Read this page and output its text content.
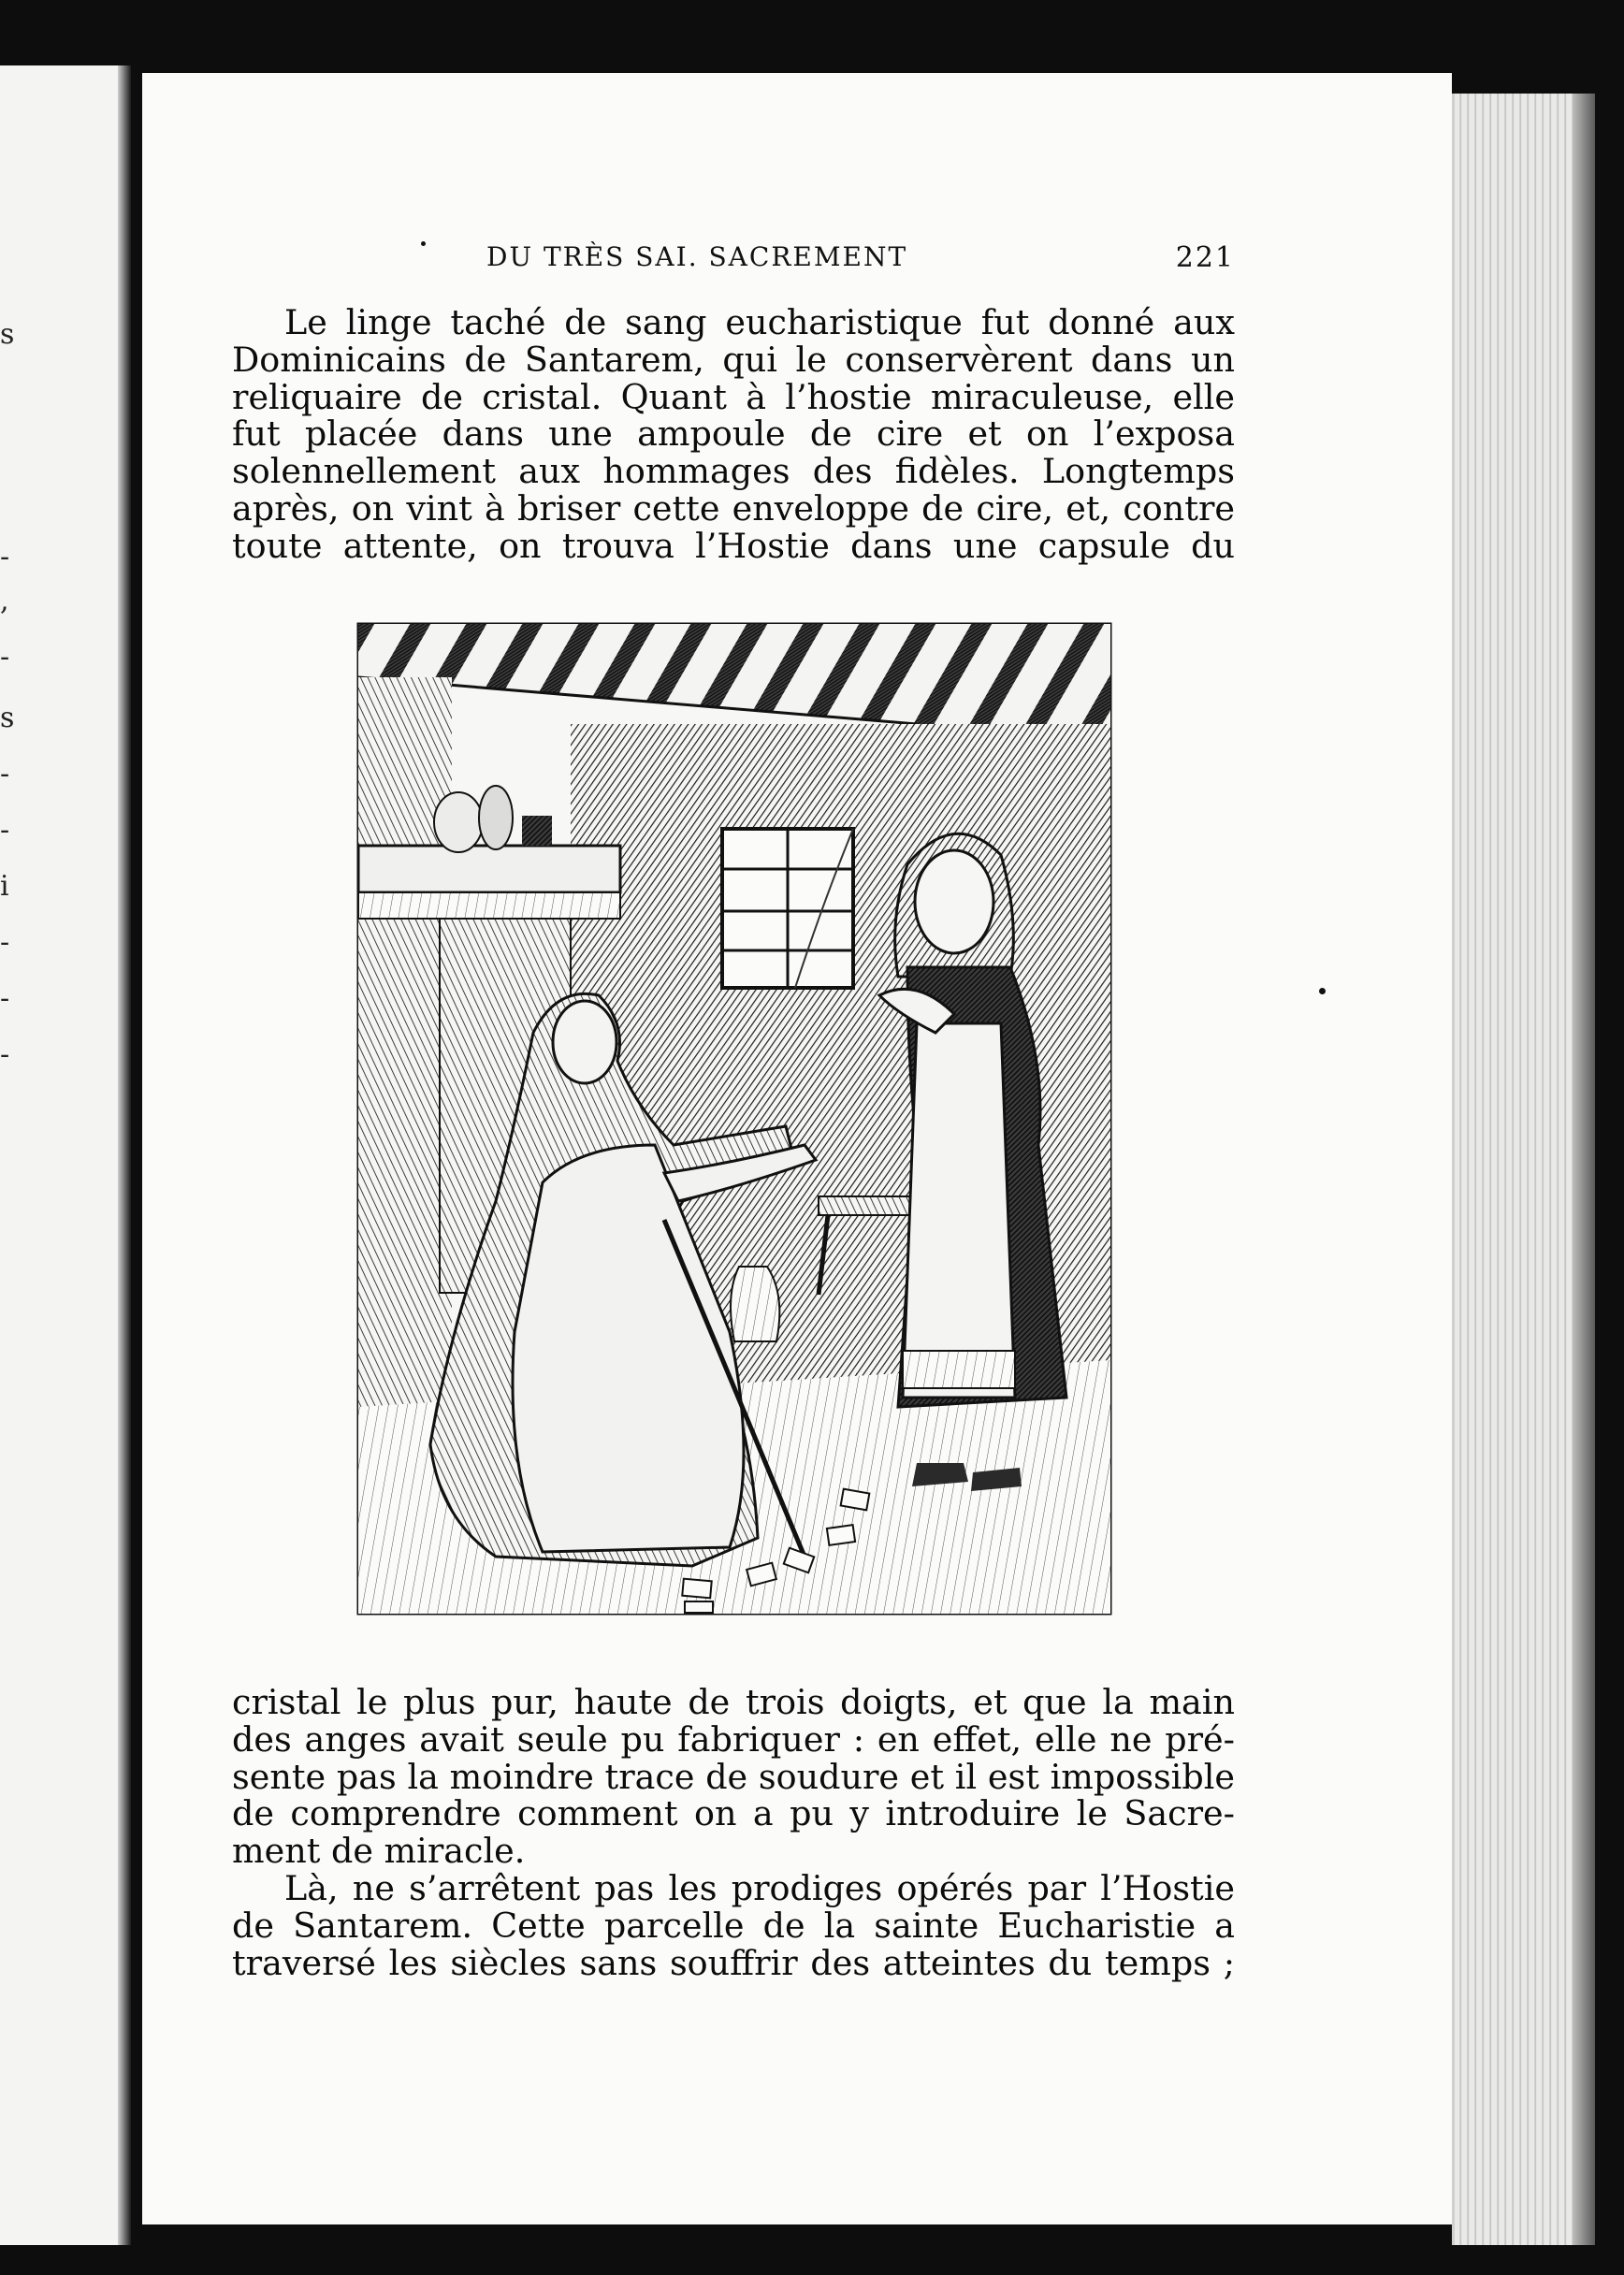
s
-
,
-
s
-
-
i
-
-
-
DU TRÈS SAI. SACREMENT	221

Le linge taché de sang eucharistique fut donné aux

Dominicains de Santarem, qui le conservèrent dans un

reliquaire de cristal. Quant à l’hostie miraculeuse, elle

fut placée dans une ampoule de cire et on l’exposa

solennellement aux hommages des fidèles. Longtemps

après, on vint à briser cette enveloppe de cire, et, contre

toute attente, on trouva l’Hostie dans une capsule du

cristal le plus pur, haute de trois doigts, et que la main

des anges avait seule pu fabriquer : en effet, elle ne pré-

sente pas la moindre trace de soudure et il est impossible

de comprendre comment on a pu y introduire le Sacre-

ment de miracle.

Là, ne s’arrêtent pas les prodiges opérés par l’Hostie

de Santarem. Cette parcelle de la sainte Eucharistie a

traversé les siècles sans souffrir des atteintes du temps ;
